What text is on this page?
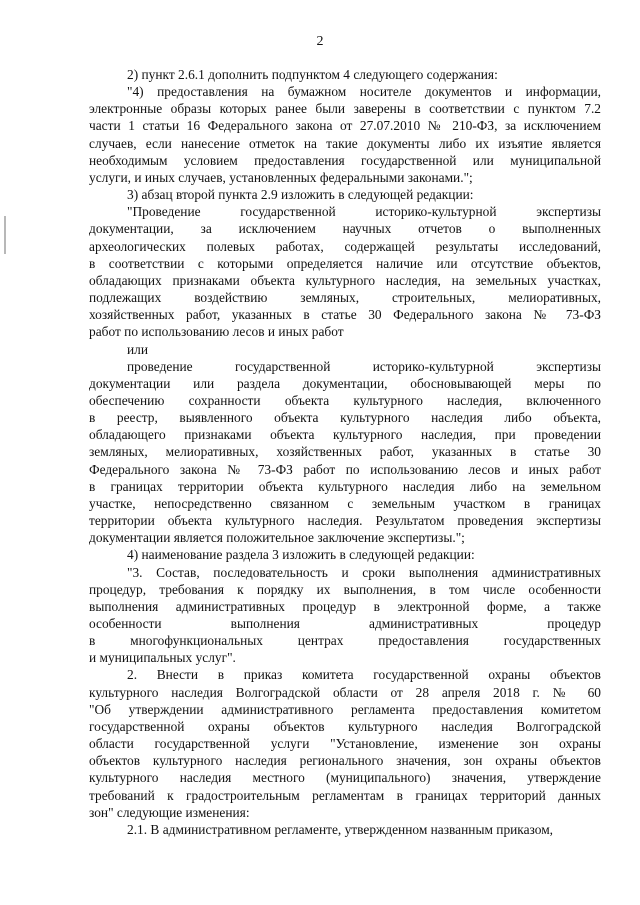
2

2) пункт 2.6.1 дополнить подпунктом 4 следующего содержания:

"4) предоставления на бумажном носителе документов и информации,

электронные образы которых ранее были заверены в соответствии с пунктом 7.2

части 1 статьи 16 Федерального закона от 27.07.2010 № 210-ФЗ, за исключением

случаев, если нанесение отметок на такие документы либо их изъятие является

необходимым условием предоставления государственной или муниципальной

услуги, и иных случаев, установленных федеральными законами.";

3) абзац второй пункта 2.9 изложить в следующей редакции:

"Проведение государственной историко-культурной экспертизы

документации, за исключением научных отчетов о выполненных

археологических полевых работах, содержащей результаты исследований,

в соответствии с которыми определяется наличие или отсутствие объектов,

обладающих признаками объекта культурного наследия, на земельных участках,

подлежащих воздействию земляных, строительных, мелиоративных,

хозяйственных работ, указанных в статье 30 Федерального закона № 73-ФЗ

работ по использованию лесов и иных работ

или

проведение государственной историко-культурной экспертизы

документации или раздела документации, обосновывающей меры по

обеспечению сохранности объекта культурного наследия, включенного

в реестр, выявленного объекта культурного наследия либо объекта,

обладающего признаками объекта культурного наследия, при проведении

земляных, мелиоративных, хозяйственных работ, указанных в статье 30

Федерального закона № 73-ФЗ работ по использованию лесов и иных работ

в границах территории объекта культурного наследия либо на земельном

участке, непосредственно связанном с земельным участком в границах

территории объекта культурного наследия. Результатом проведения экспертизы

документации является положительное заключение экспертизы.";

4) наименование раздела 3 изложить в следующей редакции:

"3. Состав, последовательность и сроки выполнения административных

процедур, требования к порядку их выполнения, в том числе особенности

выполнения административных процедур в электронной форме, а также

особенности выполнения административных процедур

в многофункциональных центрах предоставления государственных

и муниципальных услуг".

2. Внести в приказ комитета государственной охраны объектов

культурного наследия Волгоградской области от 28 апреля 2018 г. № 60

"Об утверждении административного регламента предоставления комитетом

государственной охраны объектов культурного наследия Волгоградской

области государственной услуги "Установление, изменение зон охраны

объектов культурного наследия регионального значения, зон охраны объектов

культурного наследия местного (муниципального) значения, утверждение

требований к градостроительным регламентам в границах территорий данных

зон" следующие изменения:

2.1. В административном регламенте, утвержденном названным приказом,
